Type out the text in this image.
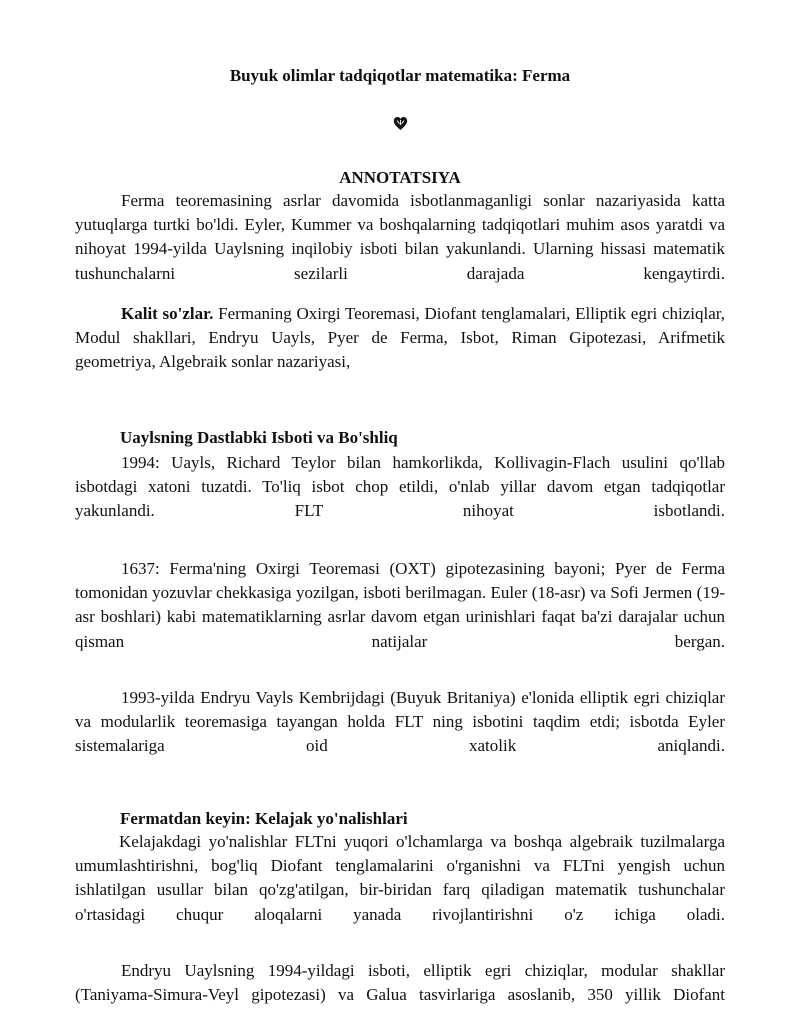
Buyuk olimlar tadqiqotlar matematika: Ferma
ANNOTATSIYA

Ferma teoremasining asrlar davomida isbotlanmaganligi sonlar nazariyasida katta yutuqlarga turtki bo'ldi. Eyler, Kummer va boshqalarning tadqiqotlari muhim asos yaratdi va nihoyat 1994-yilda Uaylsning inqilobiy isboti bilan yakunlandi. Ularning hissasi matematik tushunchalarni sezilarli darajada kengaytirdi.

Kalit so'zlar. Fermaning Oxirgi Teoremasi, Diofant tenglamalari, Elliptik egri chiziqlar, Modul shakllari, Endryu Uayls, Pyer de Ferma, Isbot, Riman Gipotezasi, Arifmetik geometriya, Algebraik sonlar nazariyasi,

Uaylsning Dastlabki Isboti va Bo'shliq

1994: Uayls, Richard Teylor bilan hamkorlikda, Kollivagin-Flach usulini qo'llab isbotdagi xatoni tuzatdi. To'liq isbot chop etildi, o'nlab yillar davom etgan tadqiqotlar yakunlandi. FLT nihoyat isbotlandi.

1637: Ferma'ning Oxirgi Teoremasi (OXT) gipotezasining bayoni; Pyer de Ferma tomonidan yozuvlar chekkasiga yozilgan, isboti berilmagan. Euler (18-asr) va Sofi Jermen (19-asr boshlari) kabi matematiklarning asrlar davom etgan urinishlari faqat ba'zi darajalar uchun qisman natijalar bergan.

1993-yilda Endryu Vayls Kembrijdagi (Buyuk Britaniya) e'lonida elliptik egri chiziqlar va modularlik teoremasiga tayangan holda FLT ning isbotini taqdim etdi; isbotda Eyler sistemalariga oid xatolik aniqlandi.

Fermatdan keyin: Kelajak yo'nalishlari

Kelajakdagi yo'nalishlar FLTni yuqori o'lchamlarga va boshqa algebraik tuzilmalarga umumlashtirishni, bog'liq Diofant tenglamalarini o'rganishni va FLTni yengish uchun ishlatilgan usullar bilan qo'zg'atilgan, bir-biridan farq qiladigan matematik tushunchalar o'rtasidagi chuqur aloqalarni yanada rivojlantirishni o'z ichiga oladi.

Endryu Uaylsning 1994-yildagi isboti, elliptik egri chiziqlar, modular shakllar (Taniyama-Simura-Veyl gipotezasi) va Galua tasvirlariga asoslanib, 350 yillik Diofant
